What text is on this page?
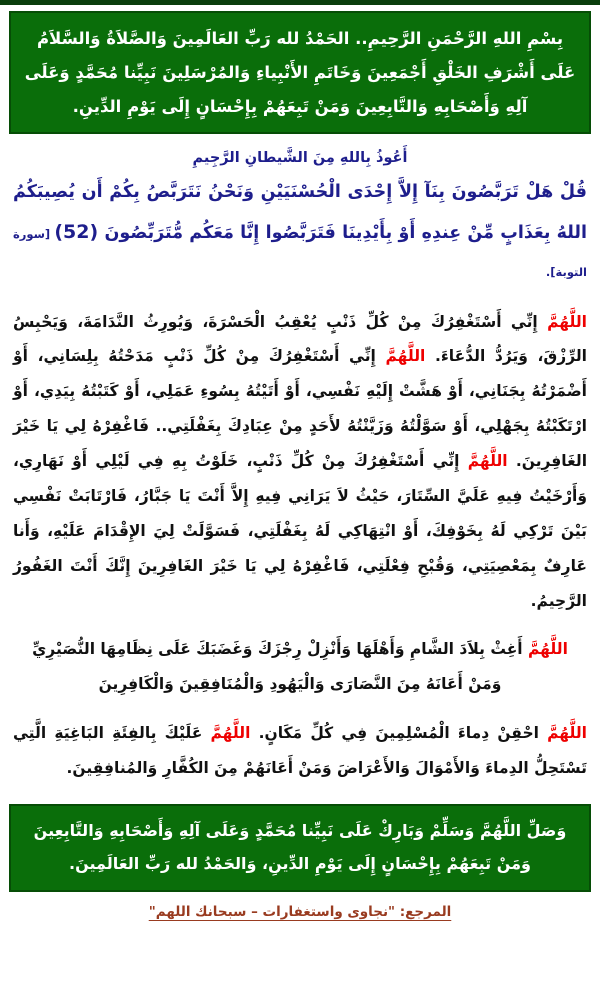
بِسْمِ اللهِ الرَّحْمَنِ الرَّحِيمِ.. الحَمْدُ لله رَبِّ العَالَمِينَ وَالصَّلاَةُ وَالسَّلاَمُ عَلَى أَشْرَفِ الخَلْقِ أَجْمَعِينَ وَخَاتَمِ الأَنْبِياءِ وَالمُرْسَلِينَ نَبِيِّنا مُحَمَّدٍ وَعَلَى آلِهِ وَأَصْحَابِهِ وَالتَّابِعِينَ وَمَنْ تَبِعَهُمْ بِإِحْسَانٍ إِلَى يَوْمِ الدِّينِ.
أَعُوذُ بِاللهِ مِنَ الشَّيطانِ الرَّجِيمِ
قُلْ هَلْ تَرَبَّصُونَ بِنَآ إِلاَّ إِحْدَى الْحُسْنَيَيْنِ وَنَحْنُ نَتَرَبَّصُ بِكُمْ أَن يُصِيبَكُمُ اللهُ بِعَذَابٍ مِّنْ عِندِهِ أَوْ بِأَيْدِينَا فَتَرَبَّصُوا إِنَّا مَعَكُم مُّتَرَبِّصُونَ (52) [سورة التوبة].
اللَّهُمَّ إِنِّي أَسْتَغْفِرُكَ مِنْ كُلِّ ذَنْبٍ يُعْقِبُ الْحَسْرَةَ، وَيُورِثُ النَّدَامَةَ، وَيَحْبِسُ الرِّزْقَ، وَيَرُدُّ الدُّعَاءَ. اللَّهُمَّ إِنِّي أَسْتَغْفِرُكَ مِنْ كُلِّ ذَنْبٍ مَدَحْتُهُ بِلِسَانِي، أَوْ أَضْمَرْتُهُ بِجَنَانِي، أَوْ هَشَّتْ إِلَيْهِ نَفْسِي، أَوْ أَتَيْتُهُ بِسُوءِ عَمَلِي، أَوْ كَتَبْتُهُ بِيَدِي، أَوْ ارْتَكَبْتُهُ بِجَهْلِي، أَوْ سَوَّلْتُهُ وَزَيَّنْتُهُ لأَحَدٍ مِنْ عِبَادِكَ بِغَفْلَتِي.. فَاغْفِرْهُ لِي يَا خَيْرَ الغَافِرِينَ. اللَّهُمَّ إِنِّي أَسْتَغْفِرُكَ مِنْ كُلِّ ذَنْبٍ، خَلَوْتُ بِهِ فِي لَيْلِي أَوْ نَهَارِي، وَأَرْخَيْتُ فِيهِ عَلَيَّ السِّتَارَ، حَيْثُ لاَ يَرَانِي فِيهِ إِلاَّ أَنْتَ يَا جَبَّارُ، فَارْتَابَتْ نَفْسِي بَيْنَ تَرْكِي لَهُ بِخَوْفِكَ، أَوْ انْتِهَاكِي لَهُ بِغَفْلَتِي، فَسَوَّلَتْ لِيَ الإِقْدَامَ عَلَيْهِ، وَأَنا عَارِفٌ بِمَعْصِيَتِي، وَقُبْحِ فِعْلَتِي، فَاغْفِرْهُ لِي يَا خَيْرَ الغَافِرِينَ إِنَّكَ أَنْتَ الغَفُورُ الرَّحِيمُ.
اللَّهُمَّ أَغِثْ بِلاَدَ الشَّامِ وَأَهْلَهَا وَأَنْزِلْ رِجْزَكَ وَغَضَبَكَ عَلَى نِظَامِهَا النُّصَيْرِيِّ وَمَنْ أَعَانَهُ مِنَ النَّصَارَى وَالْيَهُودِ وَالْمُنَافِقِينَ وَالْكَافِرِينَ
اللَّهُمَّ احْقِنْ دِماءَ الْمُسْلِمِينَ فِي كُلِّ مَكَانٍ. اللَّهُمَّ عَلَيْكَ بِالفِئَةِ البَاغِيَةِ الَّتِي تَسْتَحِلُّ الدِماءَ وَالأَمْوَالَ وَالأَعْرَاضَ وَمَنْ أَعَانَهُمْ مِنَ الكُفَّارِ وَالمُنافِقِينَ.
وَصَلِّ اللَّهُمَّ وَسَلِّمْ وَبَارِكْ عَلَى نَبِيِّنا مُحَمَّدٍ وَعَلَى آلِهِ وَأَصْحَابِهِ وَالتَّابِعِينَ وَمَنْ تَبِعَهُمْ بِإِحْسَانٍ إِلَى يَوْمِ الدِّينِ، وَالحَمْدُ لله رَبِّ العَالَمِينَ.
المرجع: "نجاوى واستغفارات – سبحانك اللهم"
